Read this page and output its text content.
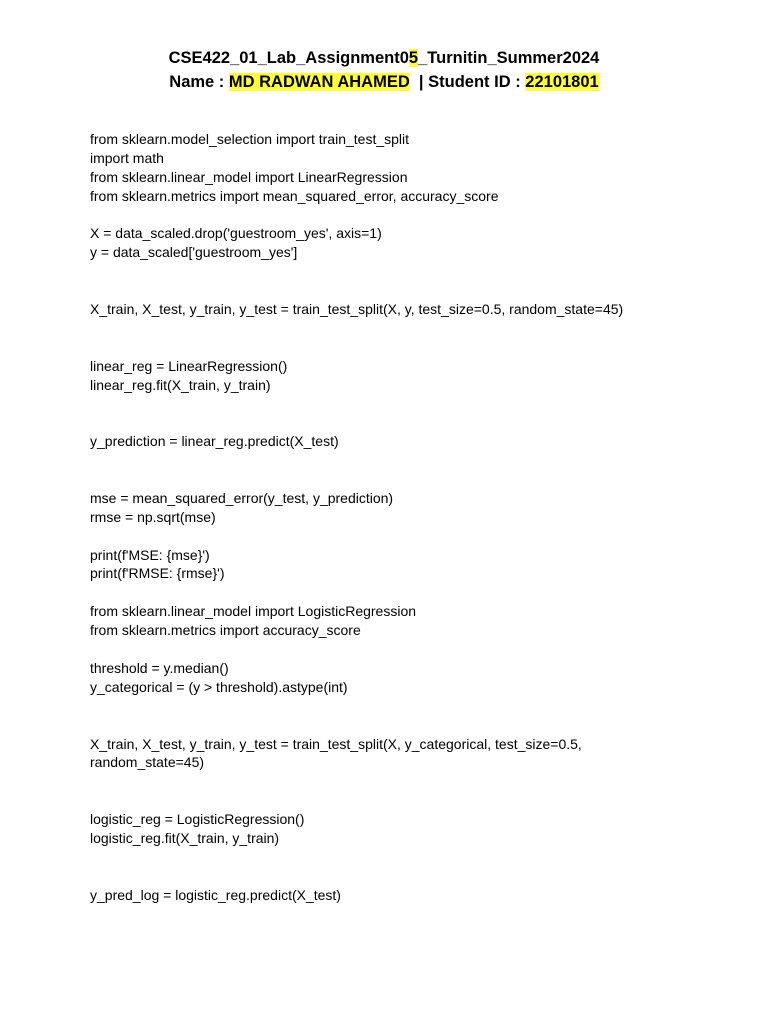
CSE422_01_Lab_Assignment05_Turnitin_Summer2024
Name : MD RADWAN AHAMED  | Student ID : 22101801
from sklearn.model_selection import train_test_split
import math
from sklearn.linear_model import LinearRegression
from sklearn.metrics import mean_squared_error, accuracy_score
X = data_scaled.drop('guestroom_yes', axis=1)
y = data_scaled['guestroom_yes']
X_train, X_test, y_train, y_test = train_test_split(X, y, test_size=0.5, random_state=45)
linear_reg = LinearRegression()
linear_reg.fit(X_train, y_train)
y_prediction = linear_reg.predict(X_test)
mse = mean_squared_error(y_test, y_prediction)
rmse = np.sqrt(mse)
print(f'MSE: {mse}')
print(f'RMSE: {rmse}')
from sklearn.linear_model import LogisticRegression
from sklearn.metrics import accuracy_score
threshold = y.median()
y_categorical = (y > threshold).astype(int)
X_train, X_test, y_train, y_test = train_test_split(X, y_categorical, test_size=0.5,
random_state=45)
logistic_reg = LogisticRegression()
logistic_reg.fit(X_train, y_train)
y_pred_log = logistic_reg.predict(X_test)
